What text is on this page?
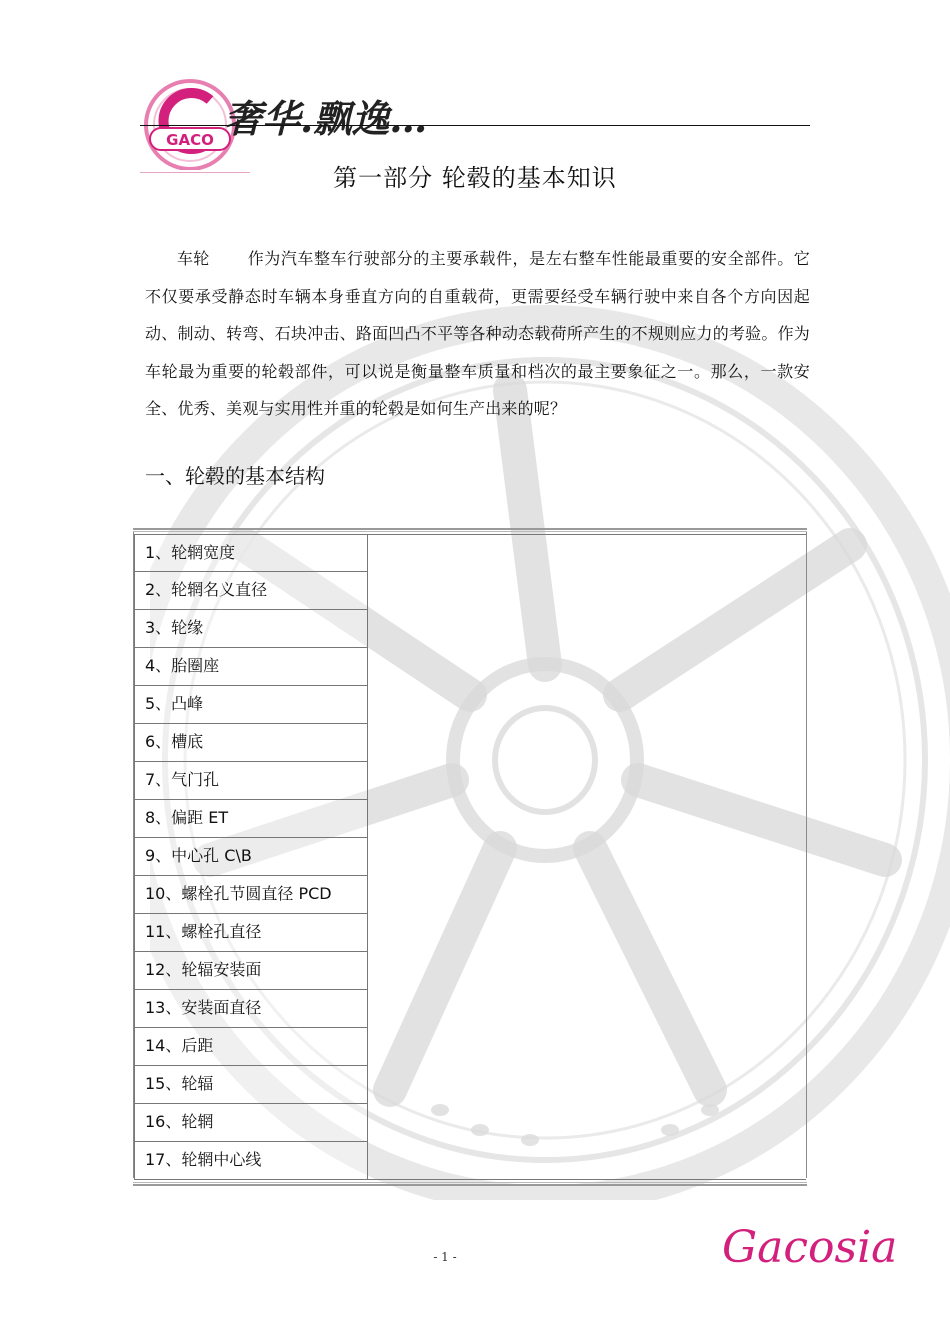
GACO 奢华.飘逸…
第一部分 轮毂的基本知识
车轮 作为汽车整车行驶部分的主要承载件，是左右整车性能最重要的安全部件。它不仅要承受静态时车辆本身垂直方向的自重载荷，更需要经受车辆行驶中来自各个方向因起动、制动、转弯、石块冲击、路面凹凸不平等各种动态载荷所产生的不规则应力的考验。作为车轮最为重要的轮毂部件，可以说是衡量整车质量和档次的最主要象征之一。那么，一款安全、优秀、美观与实用性并重的轮毂是如何生产出来的呢？
一、轮毂的基本结构
1、轮辋宽度
2、轮辋名义直径
3、轮缘
4、胎圈座
5、凸峰
6、槽底
7、气门孔
8、偏距 ET
9、中心孔 C\B
10、螺栓孔节圆直径 PCD
11、螺栓孔直径
12、轮辐安装面
13、安装面直径
14、后距
15、轮辐
16、轮辋
17、轮辋中心线
- 1 -	Gacosia
